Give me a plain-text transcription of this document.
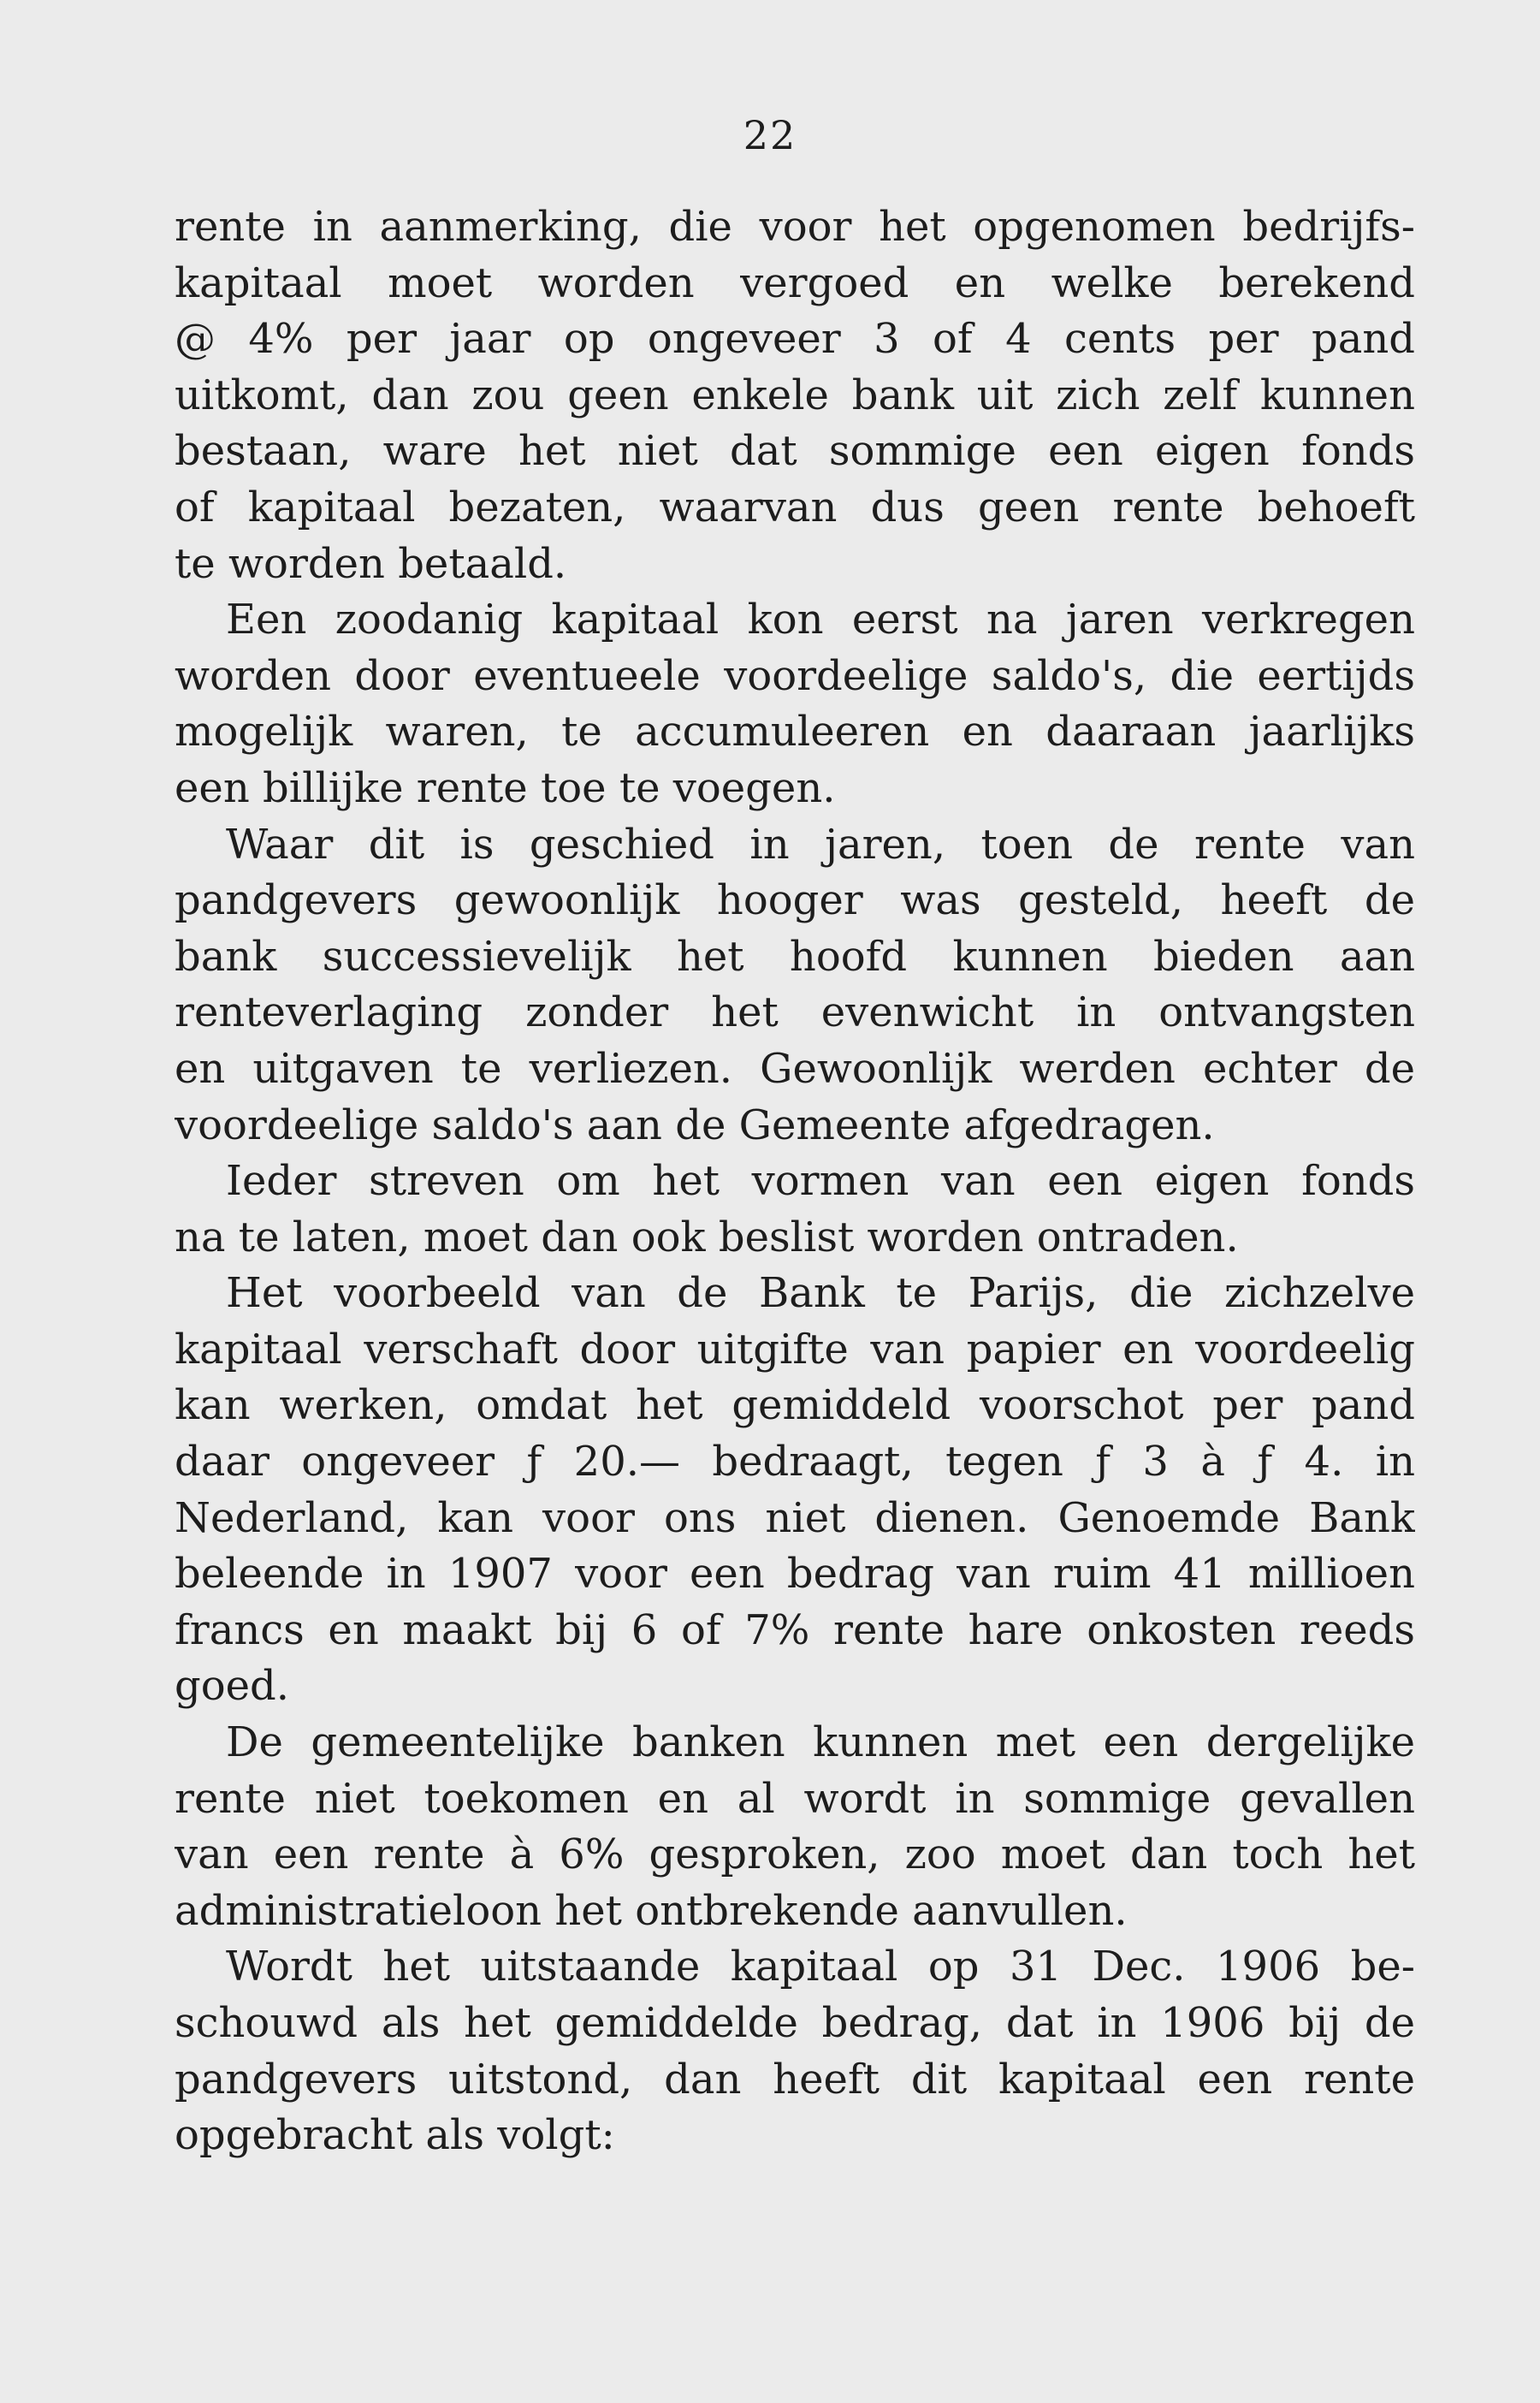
22
rente in aanmerking, die voor het opgenomen bedrijfs-
kapitaal moet worden vergoed en welke berekend
@ 4% per jaar op ongeveer 3 of 4 cents per pand
uitkomt, dan zou geen enkele bank uit zich zelf kunnen
bestaan, ware het niet dat sommige een eigen fonds
of kapitaal bezaten, waarvan dus geen rente behoeft
te worden betaald.
Een zoodanig kapitaal kon eerst na jaren verkregen
worden door eventueele voordeelige saldo's, die eertijds
mogelijk waren, te accumuleeren en daaraan jaarlijks
een billijke rente toe te voegen.
Waar dit is geschied in jaren, toen de rente van
pandgevers gewoonlijk hooger was gesteld, heeft de
bank successievelijk het hoofd kunnen bieden aan
renteverlaging zonder het evenwicht in ontvangsten
en uitgaven te verliezen. Gewoonlijk werden echter de
voordeelige saldo's aan de Gemeente afgedragen.
Ieder streven om het vormen van een eigen fonds
na te laten, moet dan ook beslist worden ontraden.
Het voorbeeld van de Bank te Parijs, die zichzelve
kapitaal verschaft door uitgifte van papier en voordeelig
kan werken, omdat het gemiddeld voorschot per pand
daar ongeveer ƒ 20.— bedraagt, tegen ƒ 3 à ƒ 4. in
Nederland, kan voor ons niet dienen. Genoemde Bank
beleende in 1907 voor een bedrag van ruim 41 millioen
francs en maakt bij 6 of 7% rente hare onkosten reeds
goed.
De gemeentelijke banken kunnen met een dergelijke
rente niet toekomen en al wordt in sommige gevallen
van een rente à 6% gesproken, zoo moet dan toch het
administratieloon het ontbrekende aanvullen.
Wordt het uitstaande kapitaal op 31 Dec. 1906 be-
schouwd als het gemiddelde bedrag, dat in 1906 bij de
pandgevers uitstond, dan heeft dit kapitaal een rente
opgebracht als volgt:
